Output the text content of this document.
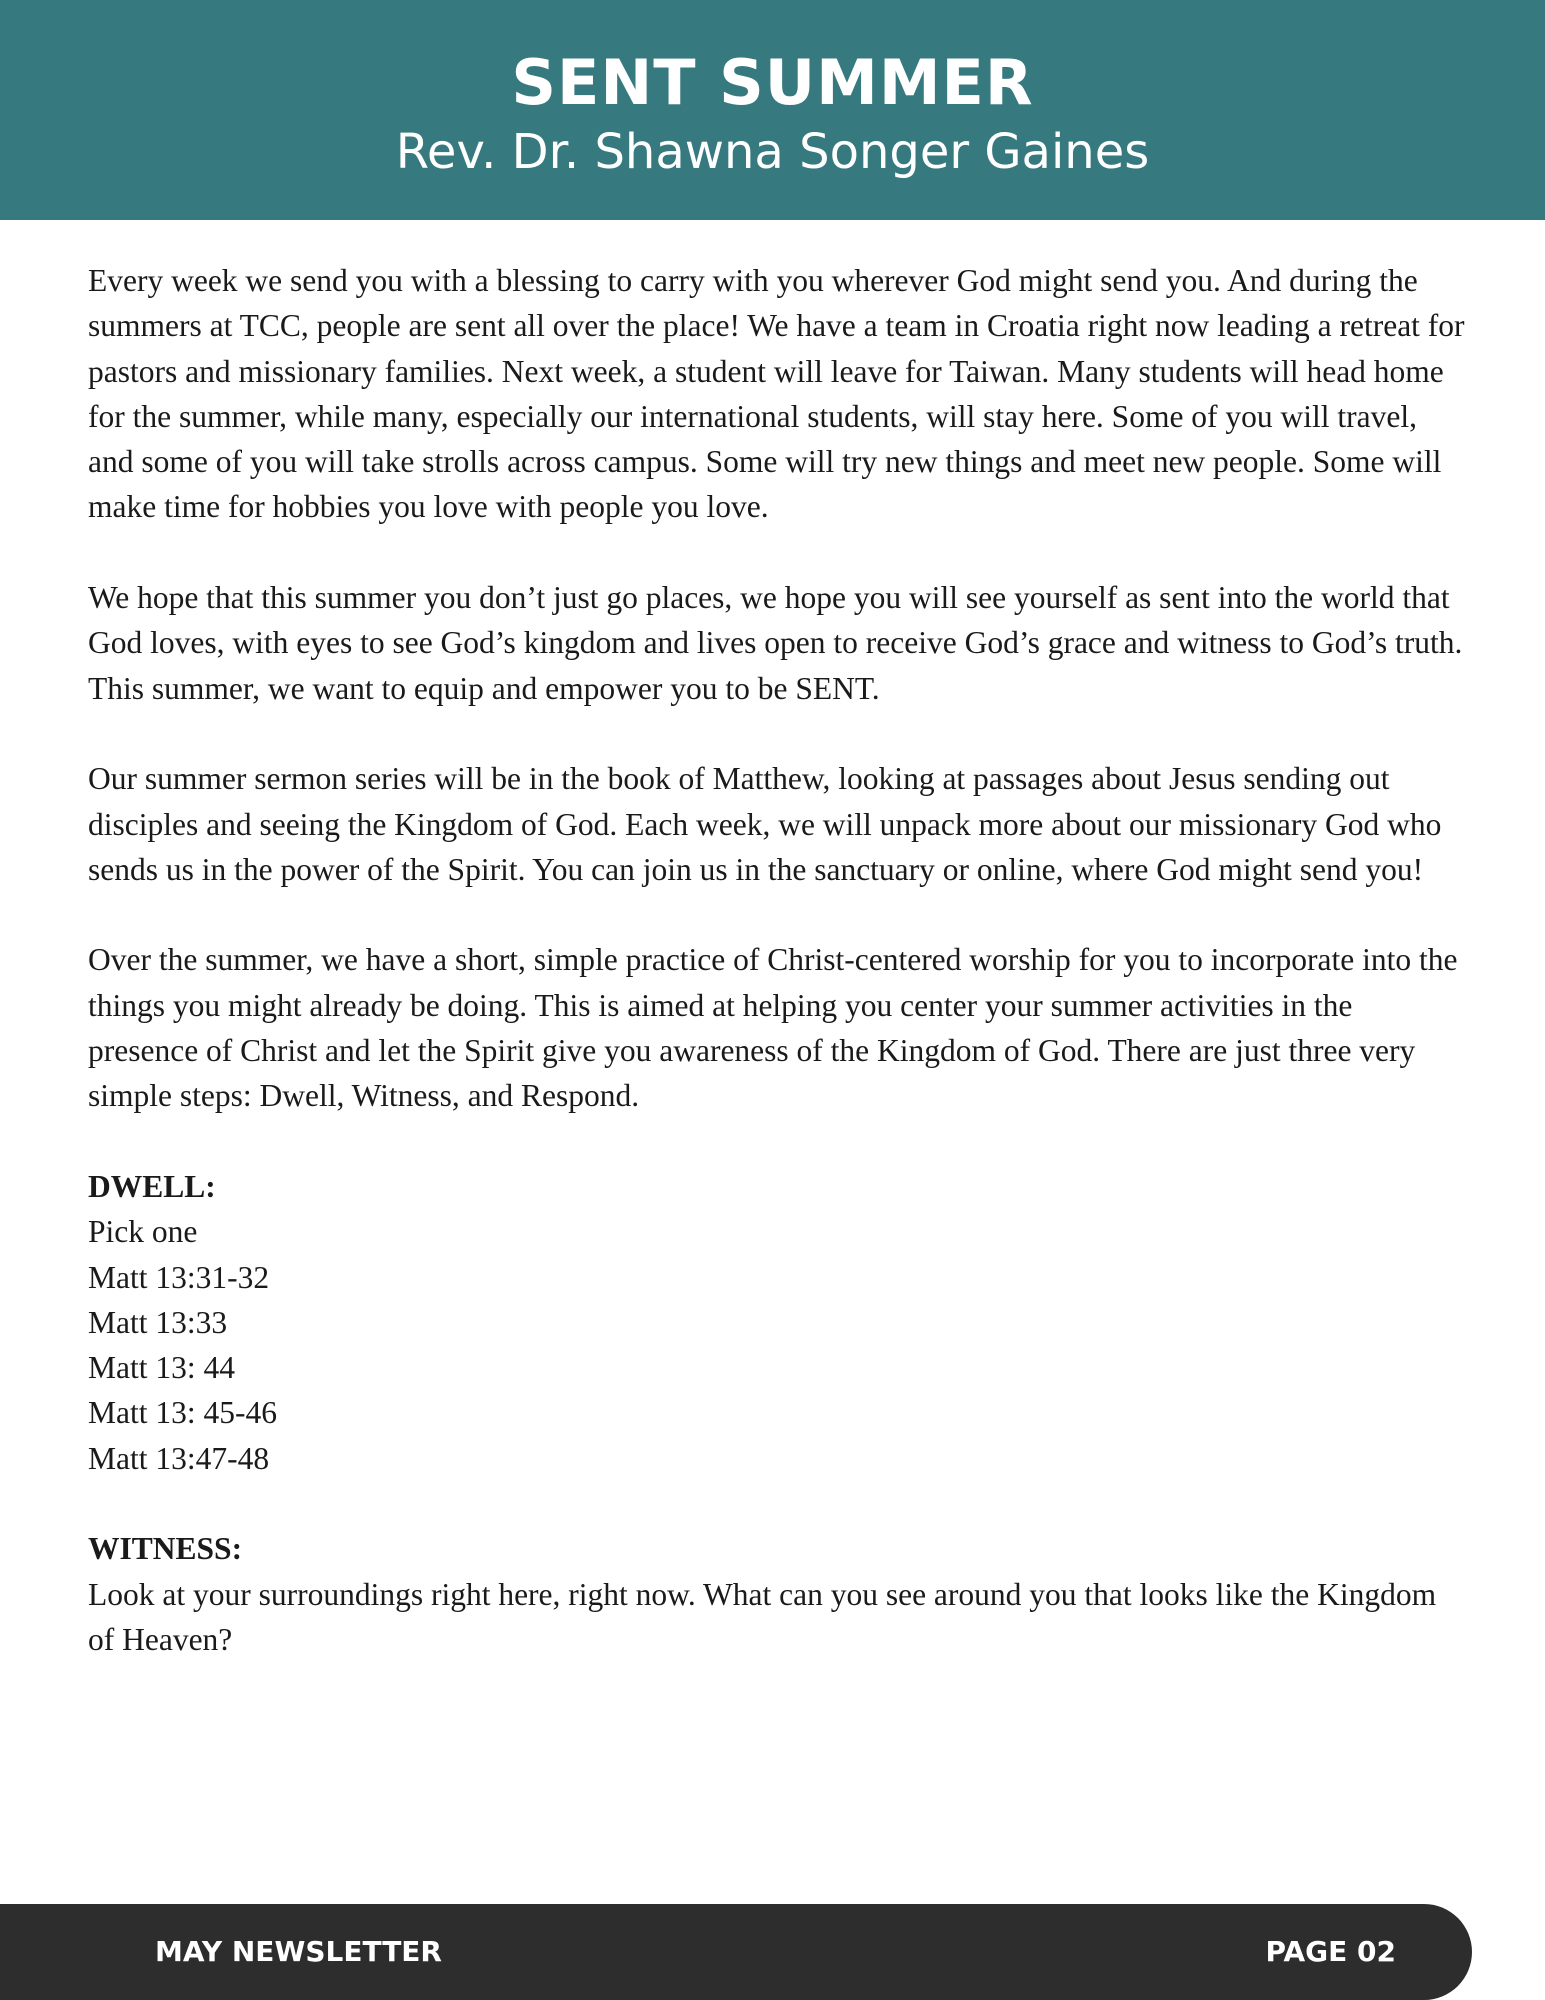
SENT SUMMER
Rev. Dr. Shawna Songer Gaines

Every week we send you with a blessing to carry with you wherever God might send you. And during the summers at TCC, people are sent all over the place! We have a team in Croatia right now leading a retreat for pastors and missionary families. Next week, a student will leave for Taiwan. Many students will head home for the summer, while many, especially our international students, will stay here. Some of you will travel, and some of you will take strolls across campus. Some will try new things and meet new people. Some will make time for hobbies you love with people you love.

We hope that this summer you don’t just go places, we hope you will see yourself as sent into the world that God loves, with eyes to see God’s kingdom and lives open to receive God’s grace and witness to God’s truth. This summer, we want to equip and empower you to be SENT.

Our summer sermon series will be in the book of Matthew, looking at passages about Jesus sending out disciples and seeing the Kingdom of God. Each week, we will unpack more about our missionary God who sends us in the power of the Spirit. You can join us in the sanctuary or online, where God might send you!

Over the summer, we have a short, simple practice of Christ-centered worship for you to incorporate into the things you might already be doing. This is aimed at helping you center your summer activities in the presence of Christ and let the Spirit give you awareness of the Kingdom of God. There are just three very simple steps: Dwell, Witness, and Respond.

DWELL:
Pick one
Matt 13:31-32
Matt 13:33
Matt 13: 44
Matt 13: 45-46
Matt 13:47-48
WITNESS:
Look at your surroundings right here, right now. What can you see around you that looks like the Kingdom of Heaven?
MAY NEWSLETTER	PAGE 02
